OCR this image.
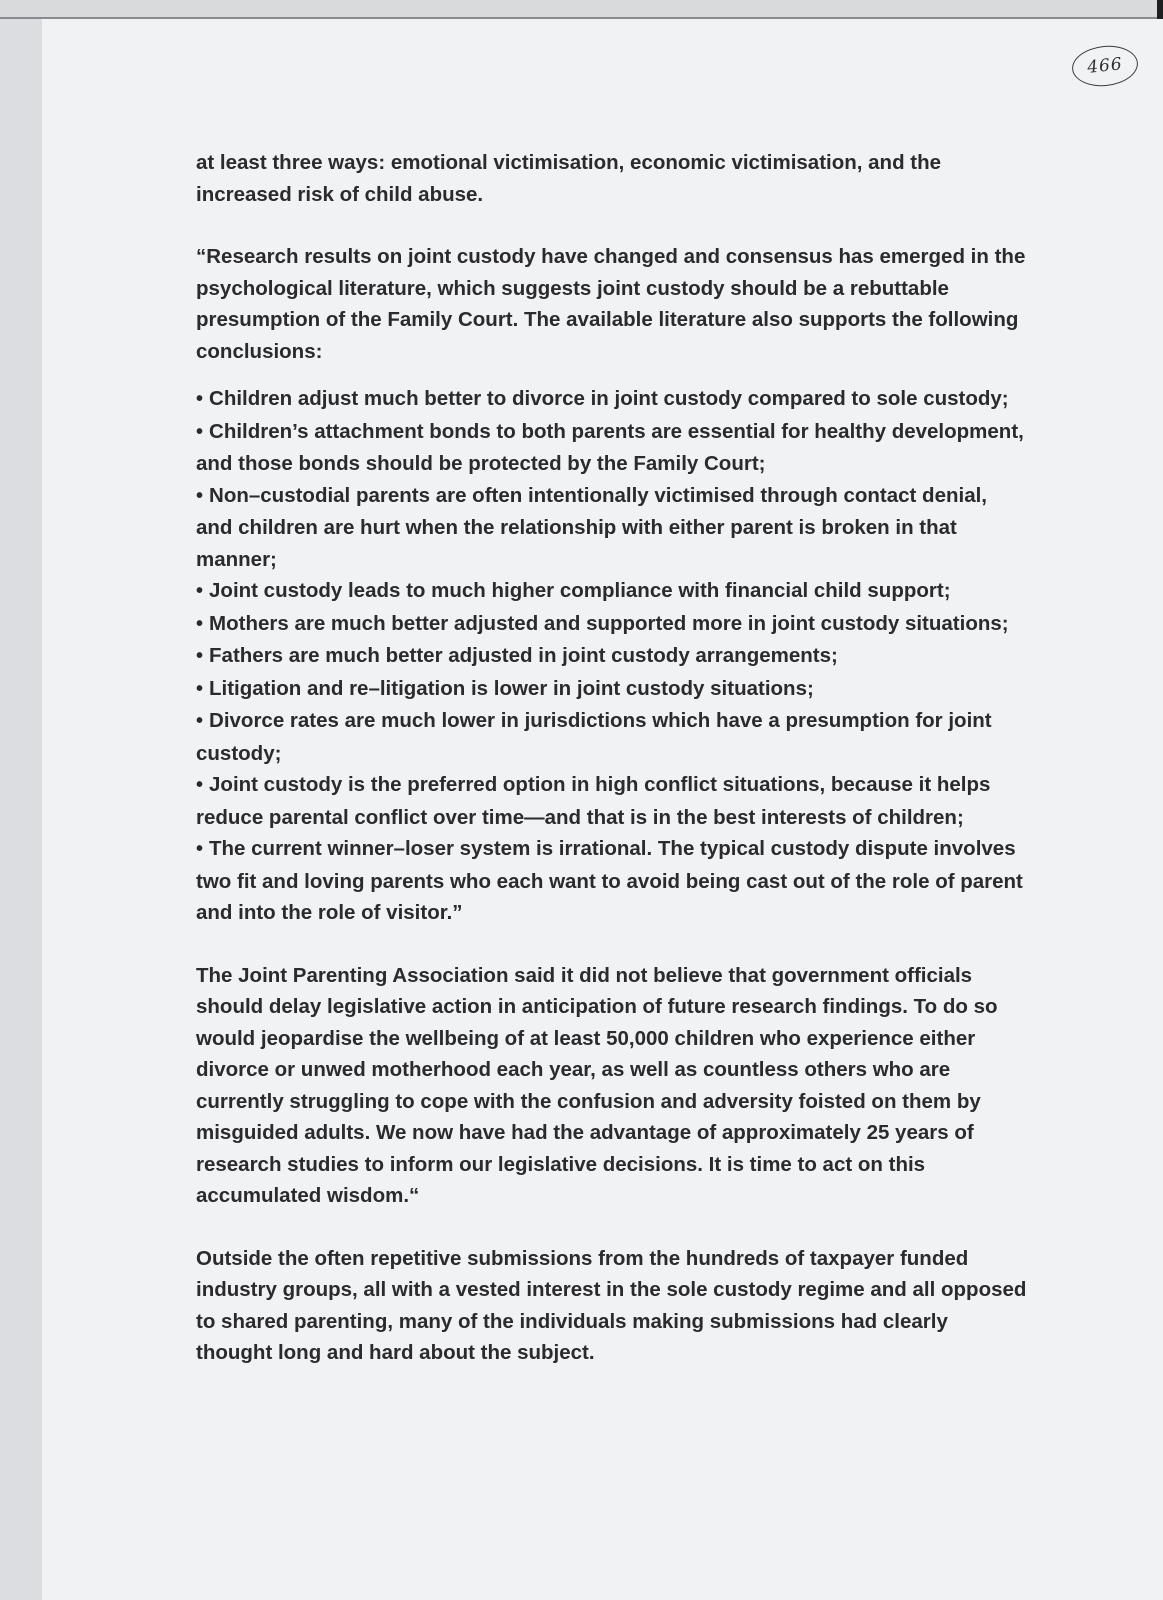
466

at least three ways: emotional victimisation, economic victimisation, and the increased risk of child abuse.

“Research results on joint custody have changed and consensus has emerged in the psychological literature, which suggests joint custody should be a rebuttable presumption of the Family Court. The available literature also supports the following conclusions:

• Children adjust much better to divorce in joint custody compared to sole custody;
• Children’s attachment bonds to both parents are essential for healthy development, and those bonds should be protected by the Family Court;
• Non–custodial parents are often intentionally victimised through contact denial, and children are hurt when the relationship with either parent is broken in that manner;
• Joint custody leads to much higher compliance with financial child support;
• Mothers are much better adjusted and supported more in joint custody situations;
• Fathers are much better adjusted in joint custody arrangements;
• Litigation and re–litigation is lower in joint custody situations;
• Divorce rates are much lower in jurisdictions which have a presumption for joint custody;
• Joint custody is the preferred option in high conflict situations, because it helps reduce parental conflict over time—and that is in the best interests of children;
• The current winner–loser system is irrational. The typical custody dispute involves two fit and loving parents who each want to avoid being cast out of the role of parent and into the role of visitor.”

The Joint Parenting Association said it did not believe that government officials should delay legislative action in anticipation of future research findings. To do so would jeopardise the wellbeing of at least 50,000 children who experience either divorce or unwed motherhood each year, as well as countless others who are currently struggling to cope with the confusion and adversity foisted on them by misguided adults. We now have had the advantage of approximately 25 years of research studies to inform our legislative decisions. It is time to act on this accumulated wisdom.“

Outside the often repetitive submissions from the hundreds of taxpayer funded industry groups, all with a vested interest in the sole custody regime and all opposed to shared parenting, many of the individuals making submissions had clearly thought long and hard about the subject.
